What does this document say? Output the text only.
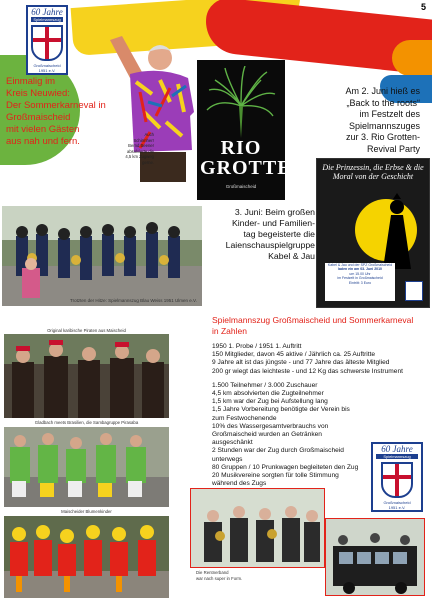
5
60 Jahre
Spielmannszug
Großmaischeid
1951 e.V.
Einmalig im
Kreis Neuwied:
Der Sommerkarneval in
Großmaischeid
mit vielen Gästen
aus nah und fern.
Auch
Schirmherr
Bernd Beener
absolvierte die
4,5 km Zugweg
gerne.
RIO
GROTTE
Großmaischeid
Am 2. Juni hieß es
„Back to the roots“
im Festzelt des
Spielmannszuges
zur 3. Rio Grotten-
Revival Party
3. Juni: Beim großen
Kinder- und Familien-
tag begeisterte die
Laienschauspielgruppe
Kabel & Jau
Die Prinzessin, die Erbse & die Moral von der Geschicht
Kabel & Jau und der SPZ Großmaischeid
laden ein am 03. Juni 2010
um 15.00 Uhr
im Festzelt in Großmaischeid
Eintritt: 3 Euro
Trotzten der Hitze: Spielmannszug Blau Weiss 1951 Ulmen e.V.
Original karibische Piraten aus Maischeid
Gladbach meets Brasilien, die Sambagruppe Pirasaba
Maischeider Blumenkinder
Spielmannszug Großmaischeid und Sommerkarneval in Zahlen

1950 1. Probe / 1951 1. Auftritt
150 Mitglieder, davon 45 aktive / Jährlich ca. 25 Auftritte
9 Jahre alt ist das jüngste - und 77 Jahre das älteste Mitglied
200 gr wiegt das leichteste - und 12 Kg das schwerste Instrument

1.500 Teilnehmer / 3.000 Zuschauer
4,5 km absolvierten die Zugteilnehmer
1,5 km war der Zug bei Aufstellung lang
1,5 Jahre Vorbereitung benötigte der Verein bis zum Festwochenende
10% des Wassergesamtverbrauchs von Großmaischeid wurden an Getränken ausgeschänkt
2 Stunden war der Zug durch Großmaischeid unterwegs
80 Gruppen / 10 Prunkwagen begleiteten den Zug
20 Musikvereine sorgten für tolle Stimmung während des Zugs

60 Jahre
Spielmannszug
Großmaischeid
1951 e.V.
Die Rentnerband
war nach super in Form.
